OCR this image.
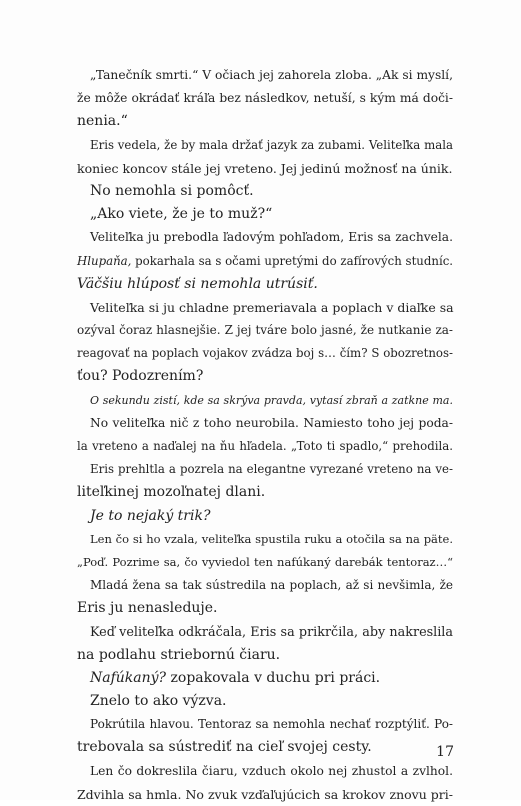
„Tanečník smrti.“ V očiach jej zahorela zloba. „Ak si myslí,
že môže okrádať kráľa bez následkov, netuší, s kým má doči-
nenia.“
Eris vedela, že by mala držať jazyk za zubami. Veliteľka mala
koniec koncov stále jej vreteno. Jej jedinú možnosť na únik.
No nemohla si pomôcť.
„Ako viete, že je to muž?“
Veliteľka ju prebodla ľadovým pohľadom, Eris sa zachvela.
Hlupaňa, pokarhala sa s očami upretými do zafírových studníc.
Väčšiu hlúposť si nemohla utrúsiť.
Veliteľka si ju chladne premeriavala a poplach v diaľke sa
ozýval čoraz hlasnejšie. Z jej tváre bolo jasné, že nutkanie za-
reagovať na poplach vojakov zvádza boj s… čím? S obozretnos-
ťou? Podozrením?
O sekundu zistí, kde sa skrýva pravda, vytasí zbraň a zatkne ma.
No veliteľka nič z toho neurobila. Namiesto toho jej poda-
la vreteno a naďalej na ňu hľadela. „Toto ti spadlo,“ prehodila.
Eris prehltla a pozrela na elegantne vyrezané vreteno na ve-
liteľkinej mozoľnatej dlani.
Je to nejaký trik?
Len čo si ho vzala, veliteľka spustila ruku a otočila sa na päte.
„Poď. Pozrime sa, čo vyviedol ten nafúkaný darebák tentoraz…“
Mladá žena sa tak sústredila na poplach, až si nevšimla, že
Eris ju nenasleduje.
Keď veliteľka odkráčala, Eris sa prikrčila, aby nakreslila
na podlahu striebornú čiaru.
Nafúkaný? zopakovala v duchu pri práci.
Znelo to ako výzva.
Pokrútila hlavou. Tentoraz sa nemohla nechať rozptýliť. Po-
trebovala sa sústrediť na cieľ svojej cesty.
Len čo dokreslila čiaru, vzduch okolo nej zhustol a zvlhol.
Zdvihla sa hmla. No zvuk vzďaľujúcich sa krokov znovu pri-
17
